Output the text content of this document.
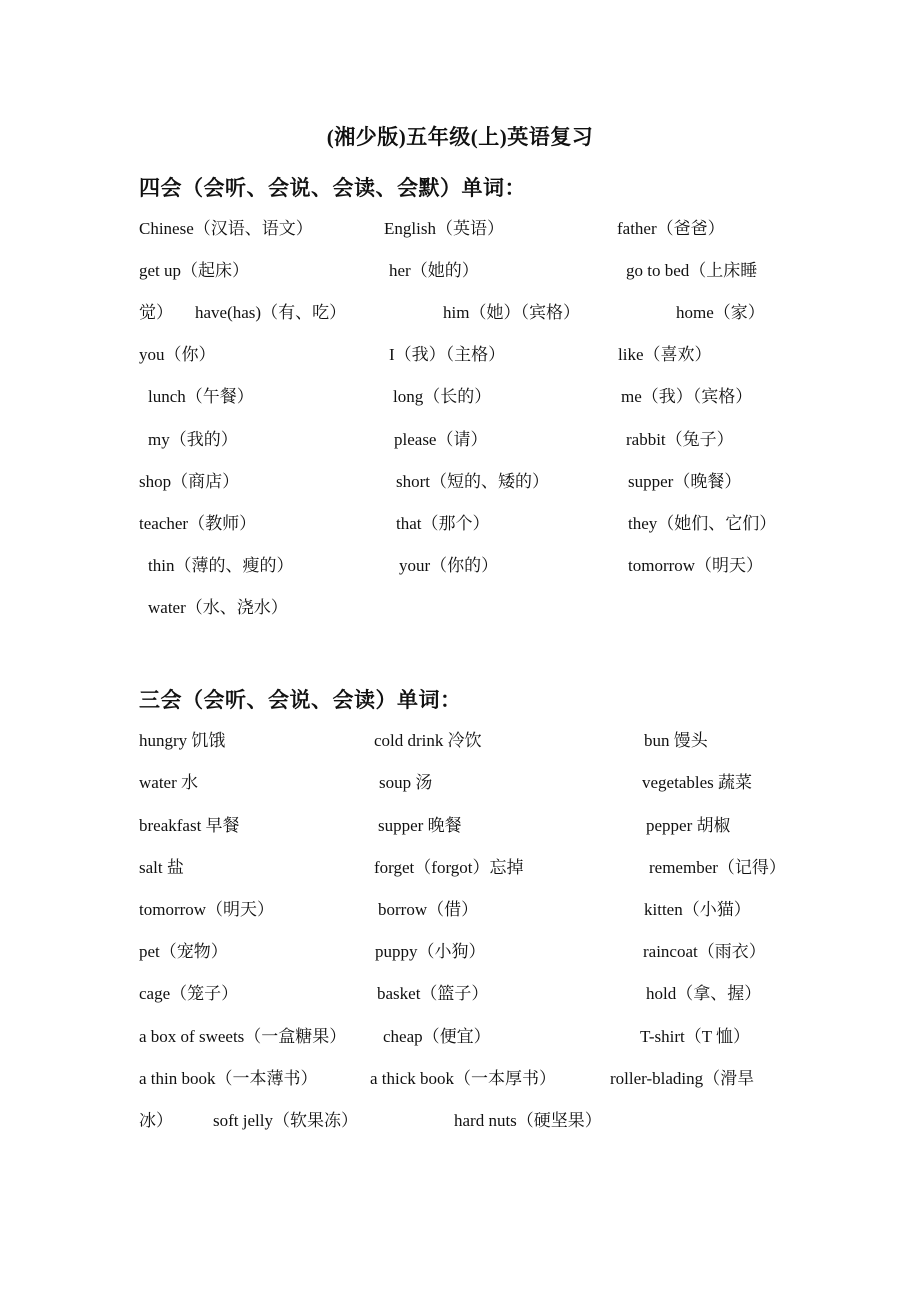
(湘少版)五年级(上)英语复习
四会（会听、会说、会读、会默）单词：
Chinese（汉语、语文）	English（英语）	father（爸爸）
get up（起床）	her（她的）	go to bed（上床睡
觉） have(has)（有、吃）	him（她）（宾格）	home（家）
you（你）	I（我）（主格）	like（喜欢）
lunch（午餐）	long（长的）	me（我）（宾格）
my（我的）	please（请）	rabbit（兔子）
shop（商店）	short（短的、矮的）	supper（晚餐）
teacher（教师）	that（那个）	they（她们、它们）
thin（薄的、瘦的）	your（你的）	tomorrow（明天）
water（水、浇水）
三会（会听、会说、会读）单词：
hungry 饥饿	cold drink 冷饮	bun 馒头
water 水	soup 汤	vegetables 蔬菜
breakfast 早餐	supper 晚餐	pepper 胡椒
salt 盐	forget（forgot）忘掉	remember（记得）
tomorrow（明天）	borrow（借）	kitten（小猫）
pet（宠物）	puppy（小狗）	raincoat（雨衣）
cage（笼子）	basket（篮子）	hold（拿、握）
a box of sweets（一盒糖果） cheap（便宜）	T-shirt（T 恤）
a thin book（一本薄书）	a thick book（一本厚书）	roller-blading（滑旱
冰） soft jelly（软果冻）	hard nuts（硬坚果）
